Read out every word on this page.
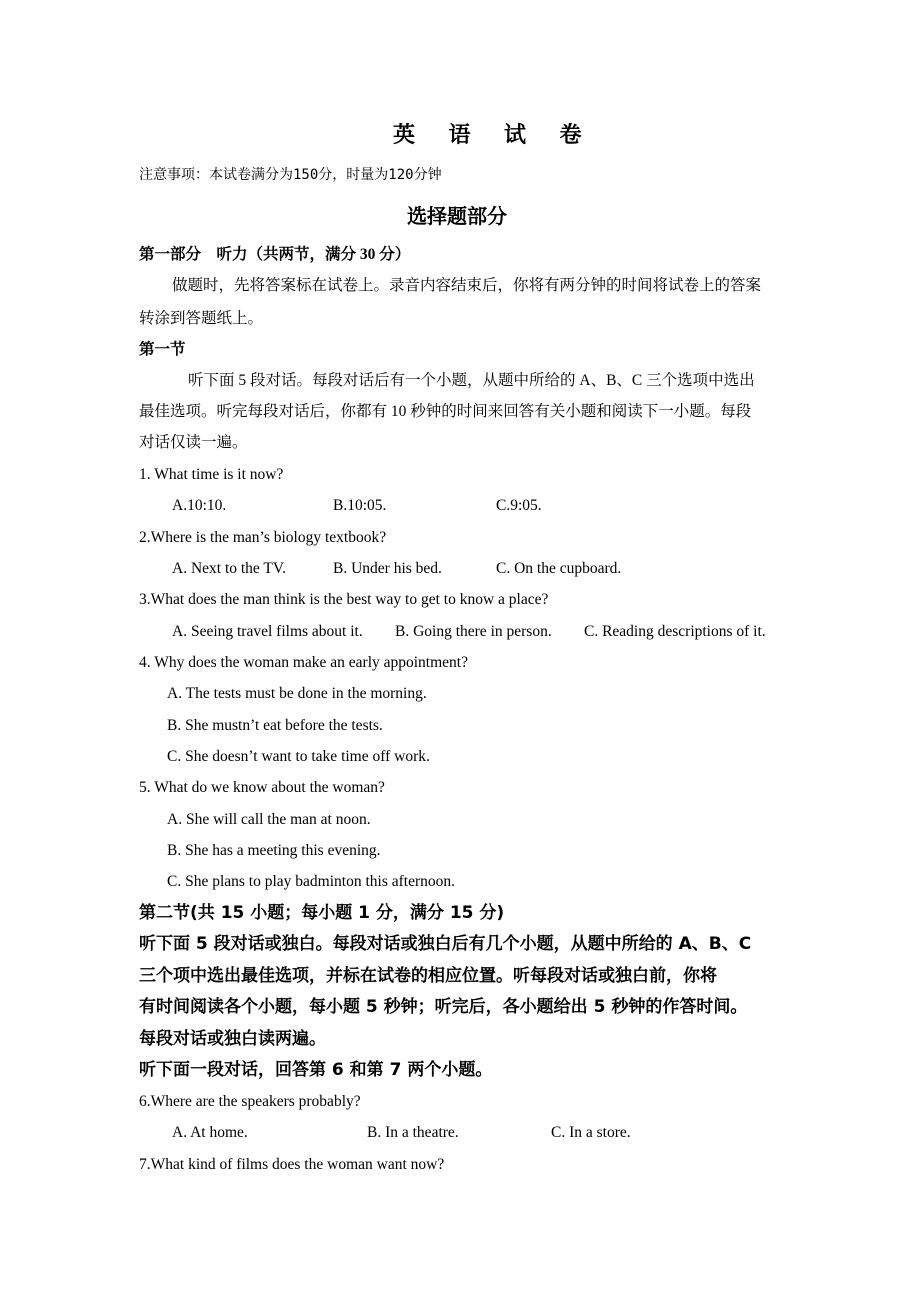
英 语 试 卷
注意事项：本试卷满分为150分，时量为120分钟
选择题部分
第一部分　听力（共两节，满分 30 分）
做题时，先将答案标在试卷上。录音内容结束后，你将有两分钟的时间将试卷上的答案
转涂到答题纸上。
第一节
听下面 5 段对话。每段对话后有一个小题，从题中所给的 A、B、C 三个选项中选出
最佳选项。听完每段对话后，你都有 10 秒钟的时间来回答有关小题和阅读下一小题。每段
对话仅读一遍。
1. What time is it now?
A.10:10.	B.10:05.	C.9:05.
2.Where is the man’s biology textbook?
A. Next to the TV.	B. Under his bed.	C. On the cupboard.
3.What does the man think is the best way to get to know a place?
A. Seeing travel films about it. B. Going there in person. C. Reading descriptions of it.
4. Why does the woman make an early appointment?
A. The tests must be done in the morning.
B. She mustn’t eat before the tests.
C. She doesn’t want to take time off work.
5. What do we know about the woman?
A. She will call the man at noon.
B. She has a meeting this evening.
C. She plans to play badminton this afternoon.
第二节(共 15 小题；每小题 1 分，满分 15 分)
听下面 5 段对话或独白。每段对话或独白后有几个小题，从题中所给的 A、B、C
三个项中选出最佳选项，并标在试卷的相应位置。听每段对话或独白前，你将
有时间阅读各个小题，每小题 5 秒钟；听完后，各小题给出 5 秒钟的作答时间。
每段对话或独白读两遍。
听下面一段对话，回答第 6 和第 7 两个小题。
6.Where are the speakers probably?
A. At home.	B. In a theatre.	C. In a store.
7.What kind of films does the woman want now?
